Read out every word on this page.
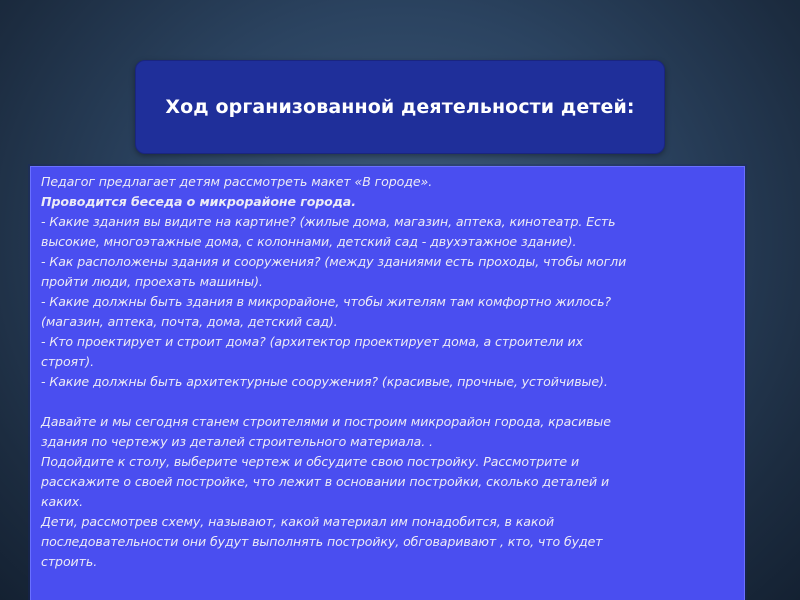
Ход организованной деятельности детей:
Педагог предлагает детям рассмотреть макет «В городе».
Проводится беседа о микрорайоне города.
- Какие здания вы видите на картине? (жилые дома, магазин, аптека, кинотеатр. Есть
высокие, многоэтажные дома, с колоннами, детский сад - двухэтажное здание).
- Как расположены здания и сооружения? (между зданиями есть проходы, чтобы могли
пройти люди, проехать машины).
- Какие должны быть здания в микрорайоне, чтобы жителям там комфортно жилось?
(магазин, аптека, почта, дома, детский сад).
- Кто проектирует и строит дома? (архитектор проектирует дома, а строители их
строят).
- Какие должны быть архитектурные сооружения? (красивые, прочные, устойчивые).
Давайте и мы сегодня станем строителями и построим микрорайон города, красивые
здания по чертежу из деталей строительного материала. .
Подойдите к столу, выберите чертеж и обсудите свою постройку. Рассмотрите и
расскажите о своей постройке, что лежит в основании постройки, сколько деталей и
каких.
Дети, рассмотрев схему, называют, какой материал им понадобится, в какой
последовательности они будут выполнять постройку, обговаривают , кто, что будет
строить.
